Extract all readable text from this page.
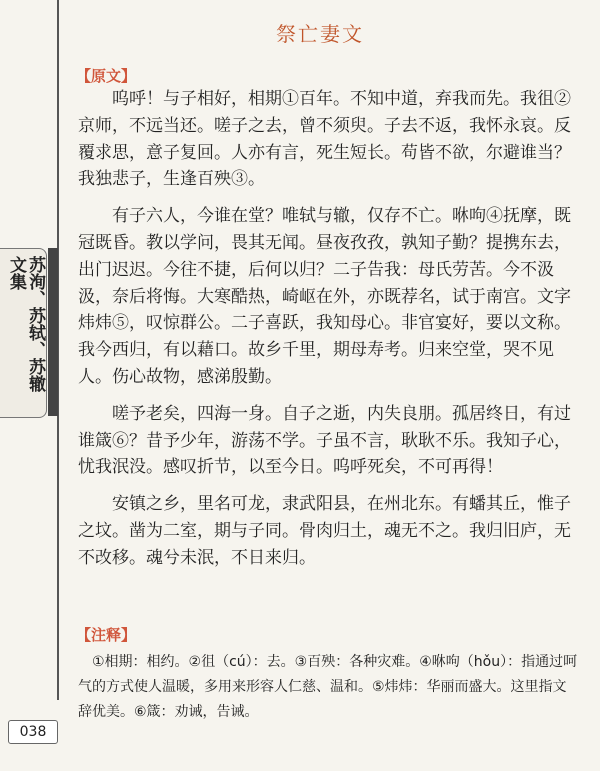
苏洵、苏轼、苏辙文集
038
祭亡妻文
【原文】

呜呼！与子相好，相期①百年。不知中道，弃我而先。我徂②京师，不远当还。嗟子之去，曾不须臾。子去不返，我怀永哀。反覆求思，意子复回。人亦有言，死生短长。苟皆不欲，尔避谁当？我独悲子，生逢百殃③。

有子六人，今谁在堂？唯轼与辙，仅存不亡。咻呴④抚摩，既冠既昏。教以学问，畏其无闻。昼夜孜孜，孰知子勤？提携东去，出门迟迟。今往不捷，后何以归？二子告我：母氏劳苦。今不汲汲，奈后将悔。大寒酷热，崎岖在外，亦既荐名，试于南宫。文字炜炜⑤，叹惊群公。二子喜跃，我知母心。非官宴好，要以文称。我今西归，有以藉口。故乡千里，期母寿考。归来空堂，哭不见人。伤心故物，感涕殷勤。

嗟予老矣，四海一身。自子之逝，内失良朋。孤居终日，有过谁箴⑥？昔予少年，游荡不学。子虽不言，耿耿不乐。我知子心，忧我泯没。感叹折节，以至今日。呜呼死矣，不可再得！

安镇之乡，里名可龙，隶武阳县，在州北东。有蟠其丘，惟子之坟。凿为二室，期与子同。骨肉归土，魂无不之。我归旧庐，无不改移。魂兮未泯，不日来归。

【注释】

①相期：相约。②徂（cú）：去。③百殃：各种灾难。④咻呴（hǒu）：指通过呵气的方式使人温暖，多用来形容人仁慈、温和。⑤炜炜：华丽而盛大。这里指文辞优美。⑥箴：劝诫，告诫。
